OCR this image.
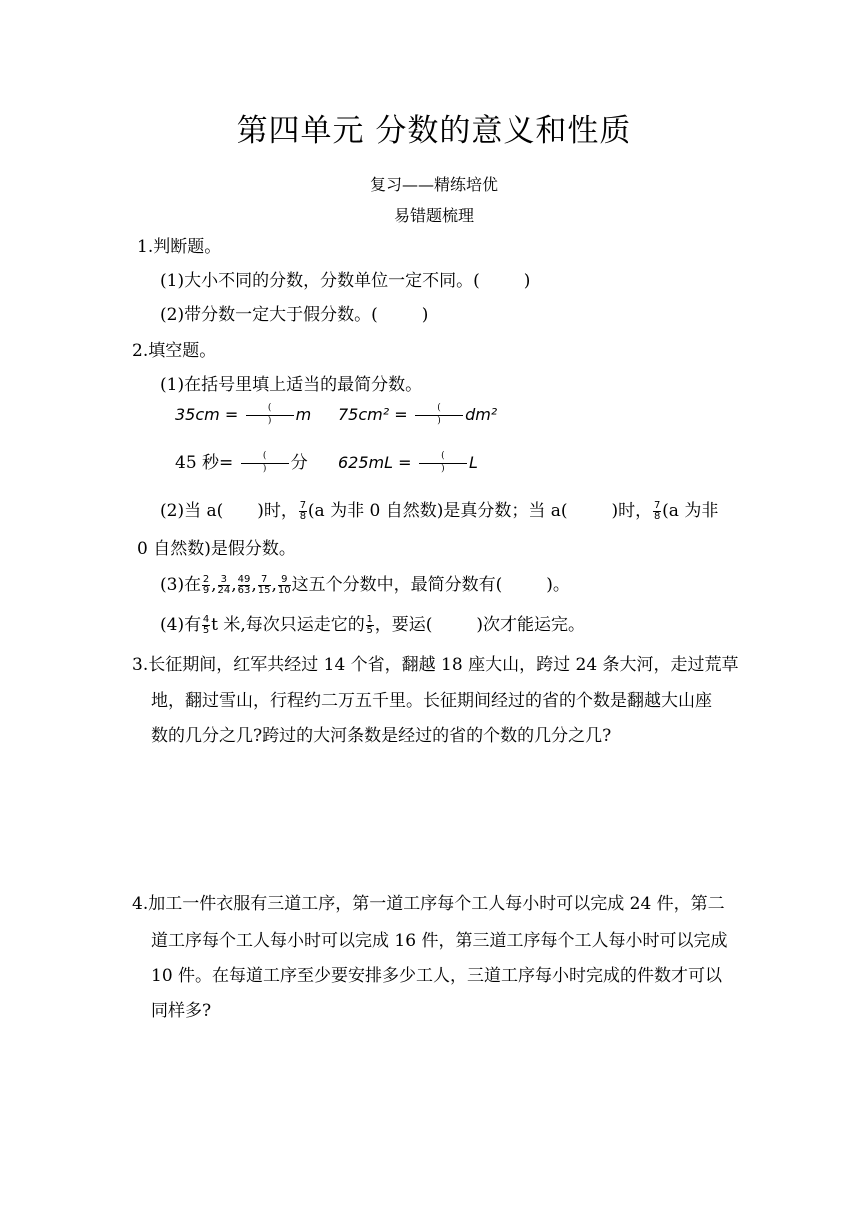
第四单元 分数的意义和性质
复习——精练培优
易错题梳理
1.判断题。
(1)大小不同的分数，分数单位一定不同。(	)
(2)带分数一定大于假分数。(	)
2.填空题。
(1)在括号里填上适当的最简分数。
35cm =	(
)	m 75cm² =	(
)	dm²
45 秒=	(
)	分 625mL =	(
)	L
(2)当 a( )时， $\frac{7}{8} (a$ 为非 0 自然数)是真分数；当 a(	)时， $\frac{7}{8} (a$ 为非
0 自然数)是假分数。
(3)在 $\frac{2}{9}$ , $\frac{3}{24}$ , $\frac{49}{63}$ , $\frac{7}{15}$ , $\frac{9}{10}$ 这五个分数中，最简分数有(	)。
(4)有 $\frac{4}{5}$ t 米,每次只运走它的 $\frac{1}{5}$ ，要运(	)次才能运完。
3.长征期间，红军共经过 14 个省，翻越 18 座大山，跨过 24 条大河，走过荒草
地，翻过雪山，行程约二万五千里。长征期间经过的省的个数是翻越大山座
数的几分之几?跨过的大河条数是经过的省的个数的几分之几?
4.加工一件衣服有三道工序，第一道工序每个工人每小时可以完成 24 件，第二
道工序每个工人每小时可以完成 16 件，第三道工序每个工人每小时可以完成
10 件。在每道工序至少要安排多少工人，三道工序每小时完成的件数才可以
同样多?
